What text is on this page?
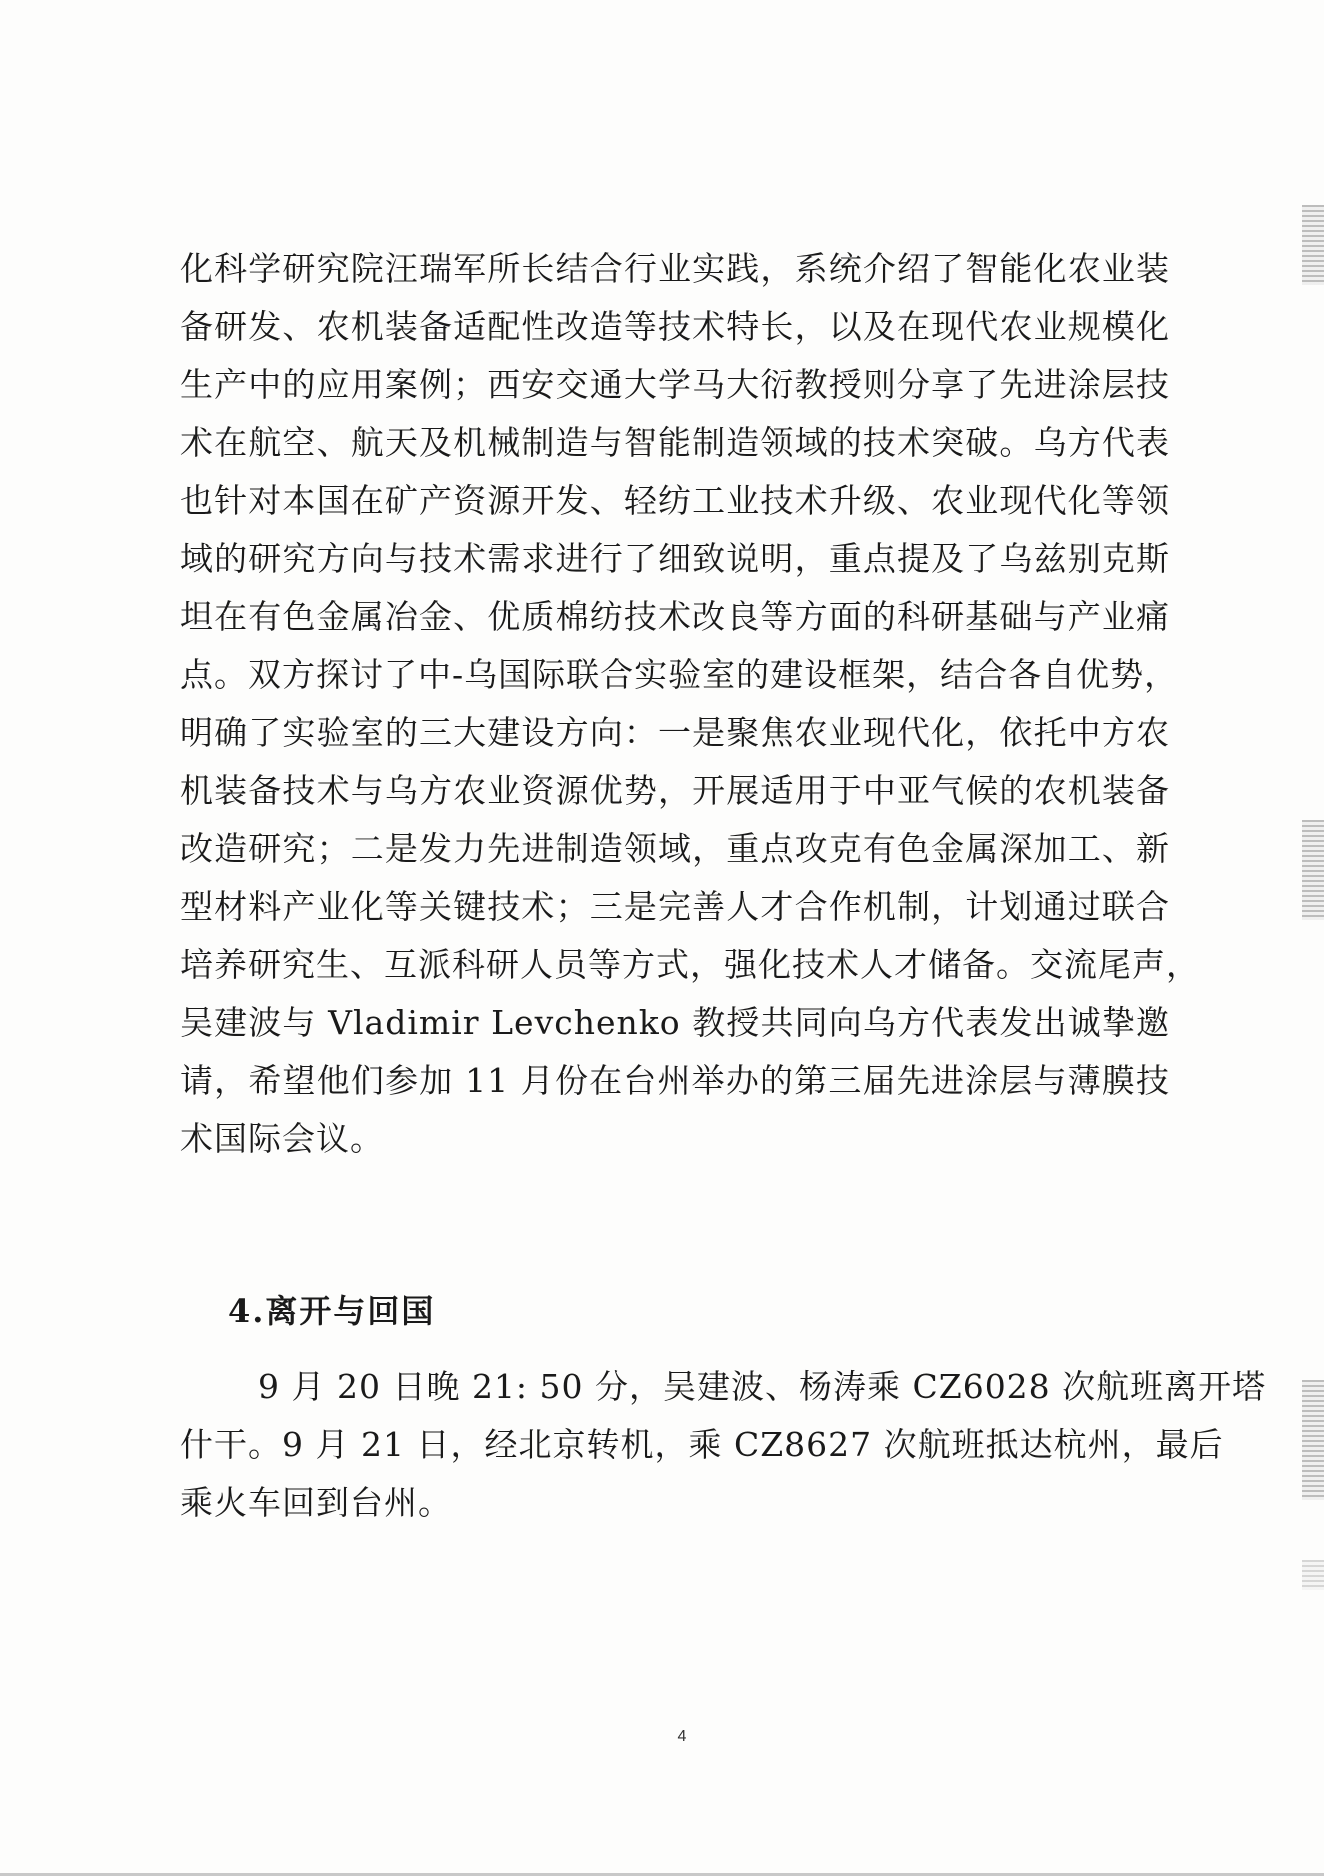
化科学研究院汪瑞军所长结合行业实践，系统介绍了智能化农业装
备研发、农机装备适配性改造等技术特长，以及在现代农业规模化
生产中的应用案例；西安交通大学马大衍教授则分享了先进涂层技
术在航空、航天及机械制造与智能制造领域的技术突破。乌方代表
也针对本国在矿产资源开发、轻纺工业技术升级、农业现代化等领
域的研究方向与技术需求进行了细致说明，重点提及了乌兹别克斯
坦在有色金属冶金、优质棉纺技术改良等方面的科研基础与产业痛
点。双方探讨了中-乌国际联合实验室的建设框架，结合各自优势，
明确了实验室的三大建设方向：一是聚焦农业现代化，依托中方农
机装备技术与乌方农业资源优势，开展适用于中亚气候的农机装备
改造研究；二是发力先进制造领域，重点攻克有色金属深加工、新
型材料产业化等关键技术；三是完善人才合作机制，计划通过联合
培养研究生、互派科研人员等方式，强化技术人才储备。交流尾声，
吴建波与 Vladimir Levchenko 教授共同向乌方代表发出诚挚邀
请，希望他们参加 11 月份在台州举办的第三届先进涂层与薄膜技
术国际会议。
4.离开与回国
9 月 20 日晚 21: 50 分，吴建波、杨涛乘 CZ6028 次航班离开塔
什干。9 月 21 日，经北京转机，乘 CZ8627 次航班抵达杭州，最后
乘火车回到台州。
4
